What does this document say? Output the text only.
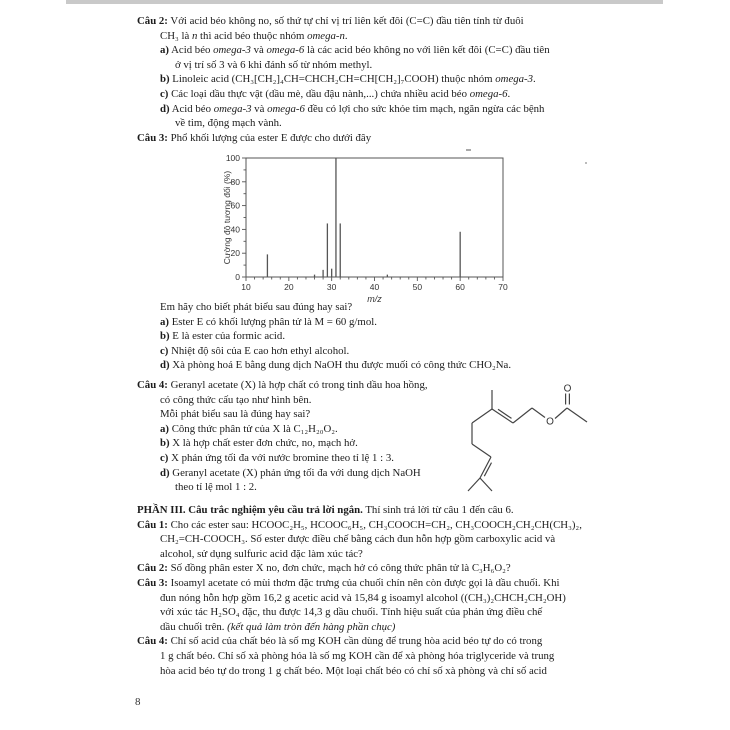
Câu 2: Với acid béo không no, số thứ tự chỉ vị trí liên kết đôi (C=C) đầu tiên tính từ đuôi
CH₃ là n thì acid béo thuộc nhóm omega-n.
a) Acid béo omega-3 và omega-6 là các acid béo không no với liên kết đôi (C=C) đầu tiên
ở vị trí số 3 và 6 khi đánh số từ nhóm methyl.
b) Linoleic acid (CH₃[CH₂]₄CH=CHCH₂CH=CH[CH₂]₇COOH) thuộc nhóm omega-3.
c) Các loại dầu thực vật (dầu mè, dầu đậu nành,...) chứa nhiều acid béo omega-6.
d) Acid béo omega-3 và omega-6 đều có lợi cho sức khỏe tim mạch, ngăn ngừa các bệnh
về tim, động mạch vành.
Câu 3: Phổ khối lượng của ester E được cho dưới đây
10	20	30	40	50	60	70
0
20
40
60
80
100
Cường độ tương đối (%)
m/z
Em hãy cho biết phát biểu sau đúng hay sai?
a) Ester E có khối lượng phân tử là M = 60 g/mol.
b) E là ester của formic acid.
c) Nhiệt độ sôi của E cao hơn ethyl alcohol.
d) Xà phòng hoá E bằng dung dịch NaOH thu được muối có công thức CHO₂Na.
Câu 4: Geranyl acetate (X) là hợp chất có trong tinh dầu hoa hồng,
có công thức cấu tạo như hình bên.
Mỗi phát biểu sau là đúng hay sai?
a) Công thức phân tử của X là C₁₂H₂₀O₂.
b) X là hợp chất ester đơn chức, no, mạch hở.
c) X phản ứng tối đa với nước bromine theo tỉ lệ 1 : 3.
d) Geranyl acetate (X) phản ứng tối đa với dung dịch NaOH
theo tỉ lệ mol 1 : 2.
O
O
PHẦN III. Câu trắc nghiệm yêu cầu trả lời ngắn. Thí sinh trả lời từ câu 1 đến câu 6.
Câu 1: Cho các ester sau: HCOOC₂H₅, HCOOC₆H₅, CH₃COOCH=CH₂, CH₃COOCH₂CH₂CH(CH₃)₂,
CH₂=CH-COOCH₃. Số ester được điều chế bằng cách đun hỗn hợp gồm carboxylic acid và
alcohol, sử dụng sulfuric acid đặc làm xúc tác?
Câu 2: Số đồng phân ester X no, đơn chức, mạch hở có công thức phân tử là C₃H₆O₂?
Câu 3: Isoamyl acetate có mùi thơm đặc trưng của chuối chín nên còn được gọi là dầu chuối. Khi
đun nóng hỗn hợp gồm 16,2 g acetic acid và 15,84 g isoamyl alcohol ((CH₃)₂CHCH₂CH₂OH)
với xúc tác H₂SO₄ đặc, thu được 14,3 g dầu chuối. Tính hiệu suất của phản ứng điều chế
dầu chuối trên. (kết quả làm tròn đến hàng phần chục)
Câu 4: Chỉ số acid của chất béo là số mg KOH cần dùng để trung hòa acid béo tự do có trong
1 g chất béo. Chỉ số xà phòng hóa là số mg KOH cần để xà phòng hóa triglyceride và trung
hòa acid béo tự do trong 1 g chất béo. Một loại chất béo có chỉ số xà phòng và chỉ số acid
8
